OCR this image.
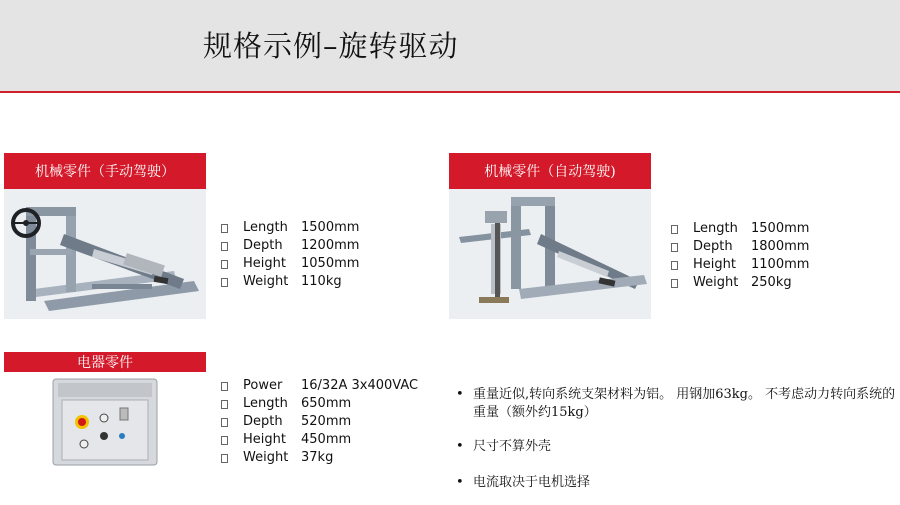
规格示例–旋转驱动
机械零件（手动驾驶）
Length	1500mm
Depth	1200mm
Height	1050mm
Weight 110kg
机械零件（自动驾驶)
Length	1500mm
Depth	1800mm
Height	1100mm
Weight 250kg
电器零件
Power	16/32A 3x400VAC
Length	650mm
Depth	520mm
Height	450mm
Weight 37kg
• 重量近似,转向系统支架材料为铝。 用钢加63kg。 不考虑动力转向系统的重量（额外约15kg）
• 尺寸不算外壳
• 电流取决于电机选择
